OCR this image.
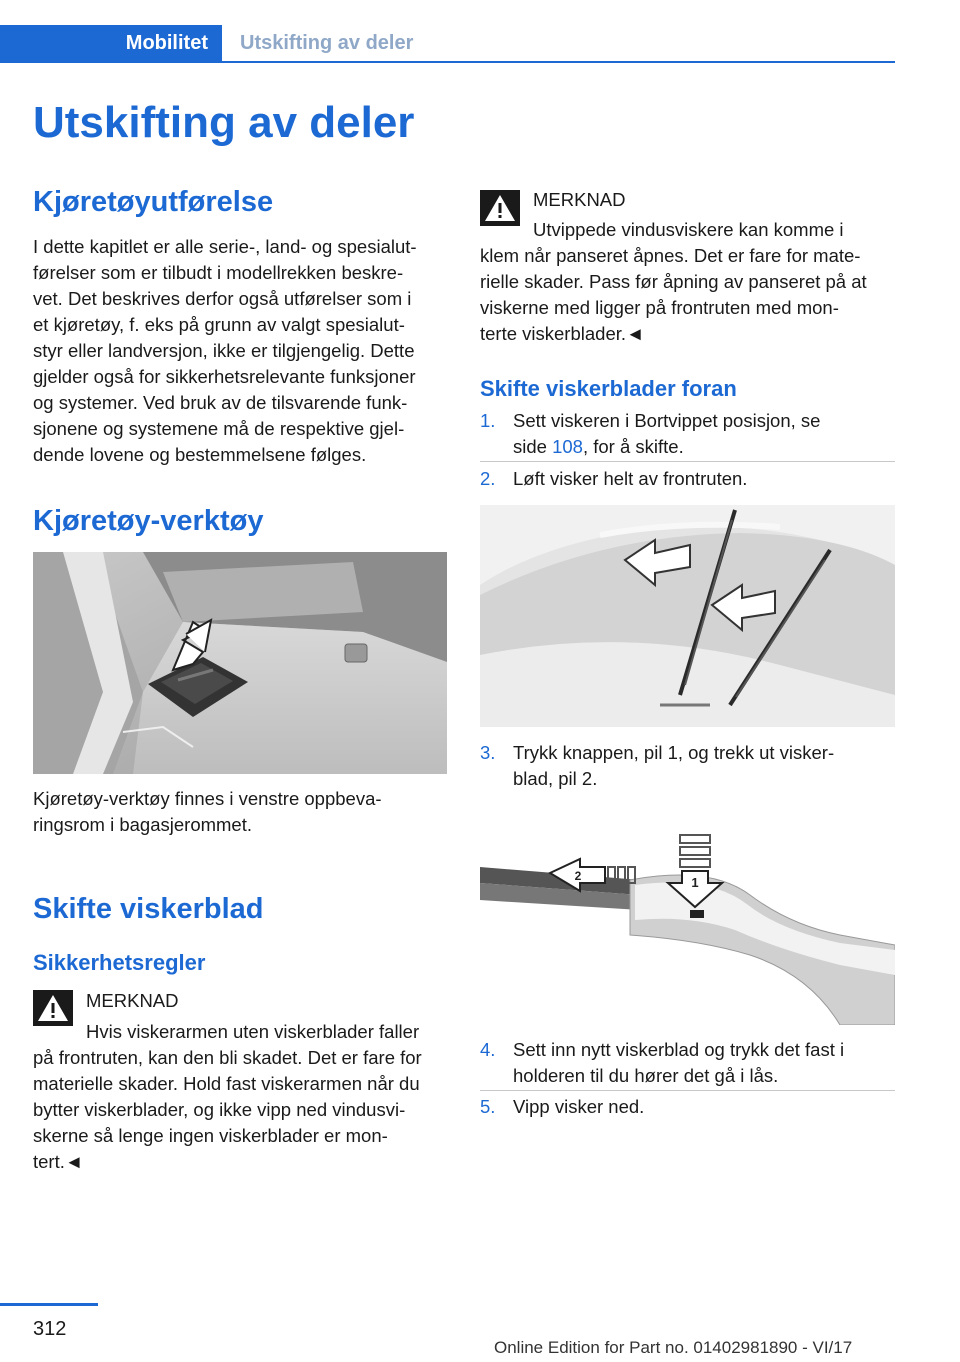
Mobilitet	Utskifting av deler
Utskifting av deler
Kjøretøyutførelse
I dette kapitlet er alle serie-, land- og spesialut-
førelser som er tilbudt i modellrekken beskre-
vet. Det beskrives derfor også utførelser som i
et kjøretøy, f. eks på grunn av valgt spesialut-
styr eller landversjon, ikke er tilgjengelig. Dette
gjelder også for sikkerhetsrelevante funksjoner
og systemer. Ved bruk av de tilsvarende funk-
sjonene og systemene må de respektive gjel-
dende lovene og bestemmelsene følges.
Kjøretøy-verktøy
Kjøretøy-verktøy finnes i venstre oppbeva-
ringsrom i bagasjerommet.
Skifte viskerblad
Sikkerhetsregler
MERKNAD
Hvis viskerarmen uten viskerblader faller
på frontruten, kan den bli skadet. Det er fare for
materielle skader. Hold fast viskerarmen når du
bytter viskerblader, og ikke vipp ned vindusvi-
skerne så lenge ingen viskerblader er mon-
tert.◄
MERKNAD
Utvippede vindusviskere kan komme i
klem når panseret åpnes. Det er fare for mate-
rielle skader. Pass før åpning av panseret på at
viskerne med ligger på frontruten med mon-
terte viskerblader.◄
Skifte viskerblader foran
1. Sett viskeren i Bortvippet posisjon, se
side 108, for å skifte.
2. Løft visker helt av frontruten.
3. Trykk knappen, pil 1, og trekk ut visker-
blad, pil 2.
1
2
4. Sett inn nytt viskerblad og trykk det fast i
holderen til du hører det gå i lås.
5. Vipp visker ned.
312
Online Edition for Part no. 01402981890 - VI/17
